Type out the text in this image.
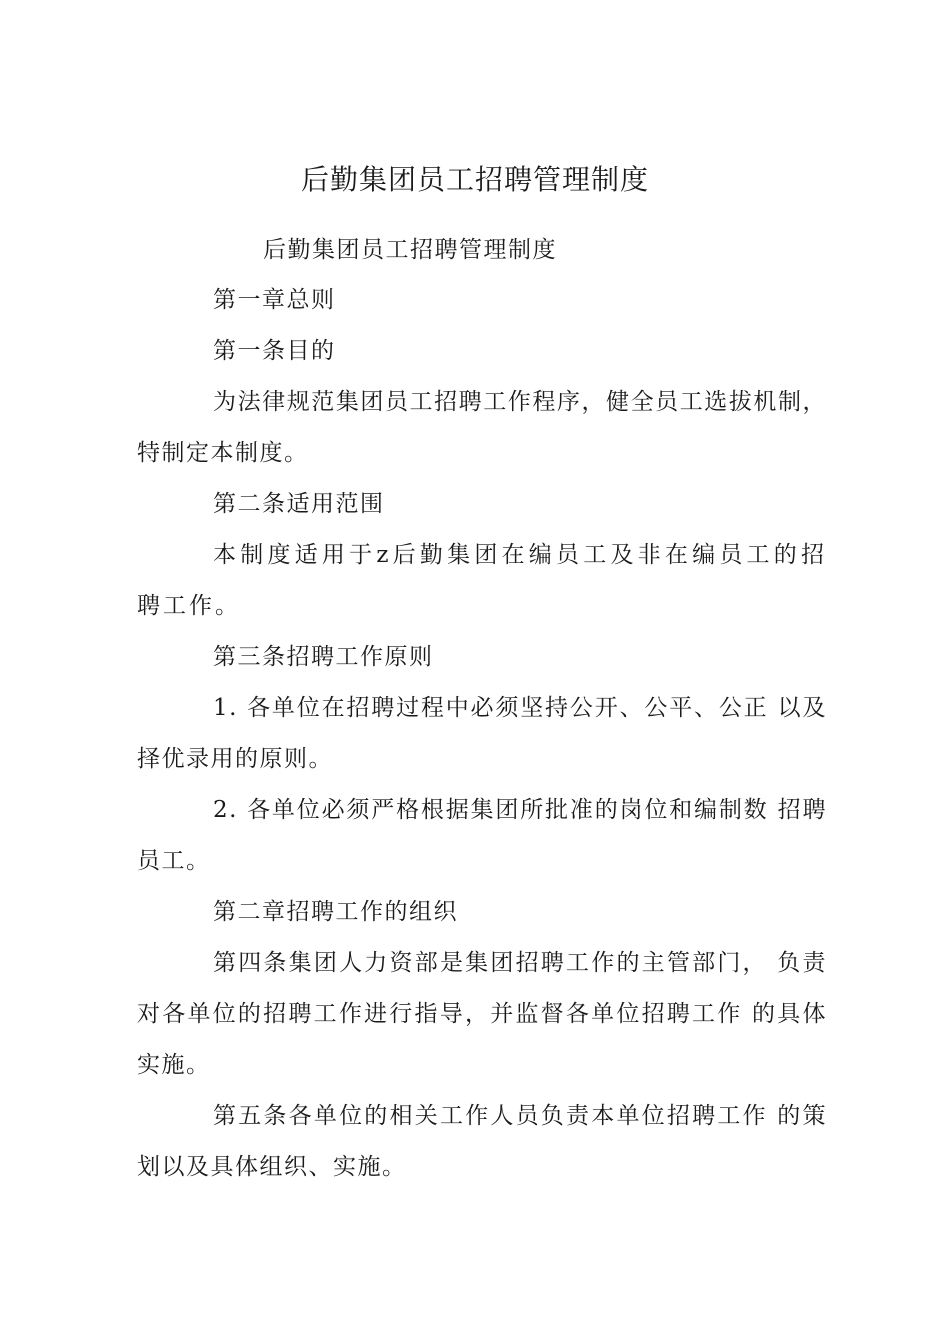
后勤集团员工招聘管理制度

后勤集团员工招聘管理制度

第一章总则

第一条目的

为法律规范集团员工招聘工作程序，健全员工选拔机制，特制定本制度。

第二条适用范围

本制度适用于z后勤集团在编员工及非在编员工的招 聘工作。

第三条招聘工作原则

1. 各单位在招聘过程中必须坚持公开、公平、公正 以及择优录用的原则。

2. 各单位必须严格根据集团所批准的岗位和编制数 招聘员工。

第二章招聘工作的组织

第四条集团人力资部是集团招聘工作的主管部门， 负责对各单位的招聘工作进行指导，并监督各单位招聘工作 的具体实施。

第五条各单位的相关工作人员负责本单位招聘工作 的策划以及具体组织、实施。
